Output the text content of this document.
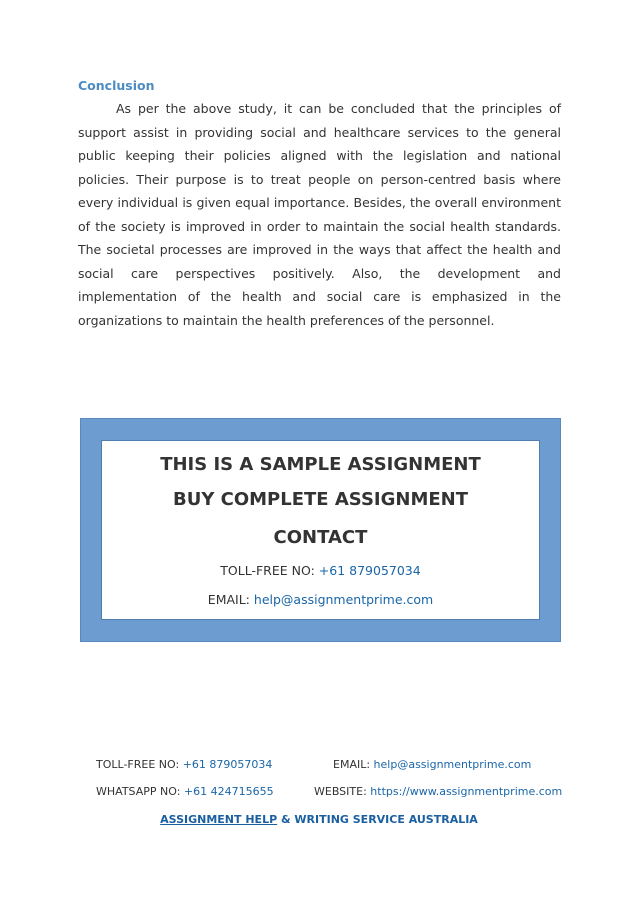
Conclusion
As per the above study, it can be concluded that the principles of support assist in providing social and healthcare services to the general public keeping their policies aligned with the legislation and national policies. Their purpose is to treat people on person-centred basis where every individual is given equal importance. Besides, the overall environment of the society is improved in order to maintain the social health standards. The societal processes are improved in the ways that affect the health and social care perspectives positively. Also, the development and implementation of the health and social care is emphasized in the organizations to maintain the health preferences of the personnel.
THIS IS A SAMPLE ASSIGNMENT
BUY COMPLETE ASSIGNMENT
CONTACT
TOLL-FREE NO: +61 879057034
EMAIL: help@assignmentprime.com
TOLL-FREE NO: +61 879057034	EMAIL: help@assignmentprime.com
WHATSAPP NO: +61 424715655	WEBSITE: https://www.assignmentprime.com
ASSIGNMENT HELP & WRITING SERVICE AUSTRALIA
